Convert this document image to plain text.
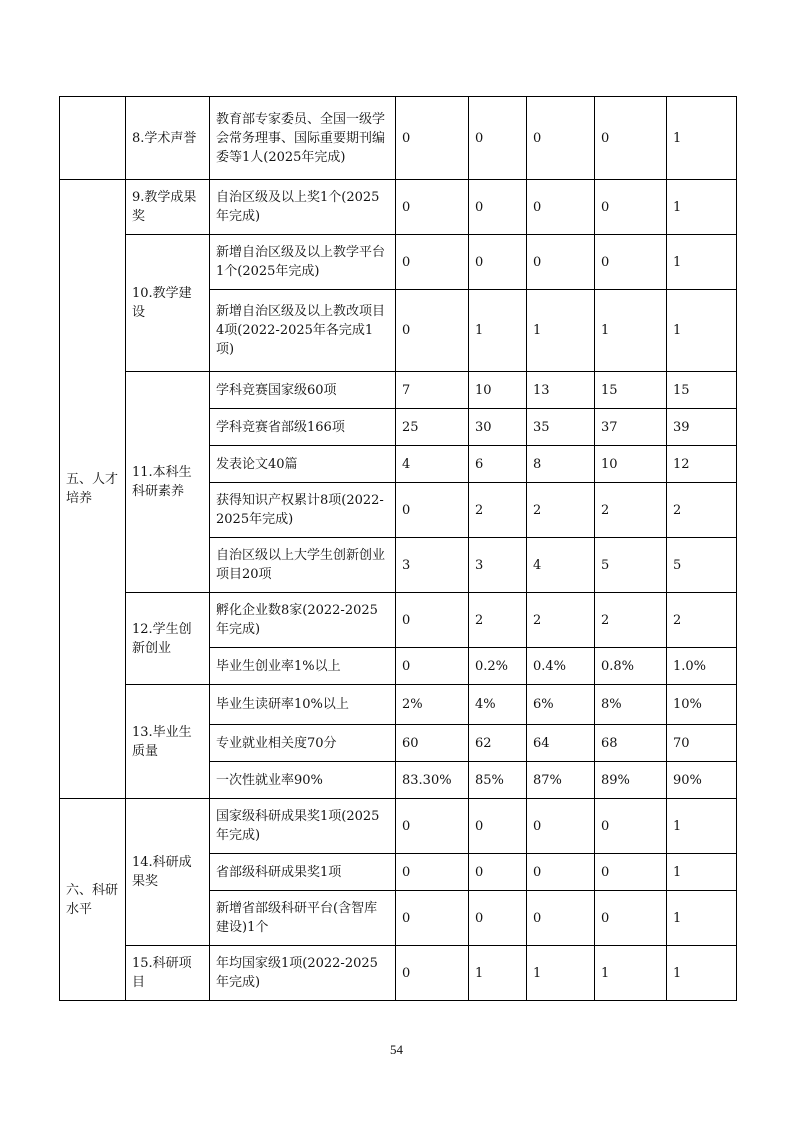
	8.学术声誉	教育部专家委员、全国一级学会常务理事、国际重要期刊编委等1人(2025年完成)	0	0	0	0	1
五、人才培养	9.教学成果奖	自治区级及以上奖1个(2025年完成)	0	0	0	0	1
	10.教学建设	新增自治区级及以上教学平台1个(2025年完成)	0	0	0	0	1
		新增自治区级及以上教改项目4项(2022-2025年各完成1项)	0	1	1	1	1
	11.本科生科研素养	学科竞赛国家级60项	7	10	13	15	15
		学科竞赛省部级166项	25	30	35	37	39
		发表论文40篇	4	6	8	10	12
		获得知识产权累计8项(2022-2025年完成)	0	2	2	2	2
		自治区级以上大学生创新创业项目20项	3	3	4	5	5
	12.学生创新创业	孵化企业数8家(2022-2025年完成)	0	2	2	2	2
		毕业生创业率1%以上	0	0.2%	0.4%	0.8%	1.0%
	13.毕业生质量	毕业生读研率10%以上	2%	4%	6%	8%	10%
		专业就业相关度70分	60	62	64	68	70
		一次性就业率90%	83.30%	85%	87%	89%	90%
六、科研水平	14.科研成果奖	国家级科研成果奖1项(2025年完成)	0	0	0	0	1
		省部级科研成果奖1项	0	0	0	0	1
		新增省部级科研平台(含智库建设)1个	0	0	0	0	1
	15.科研项目	年均国家级1项(2022-2025年完成)	0	1	1	1	1
54
